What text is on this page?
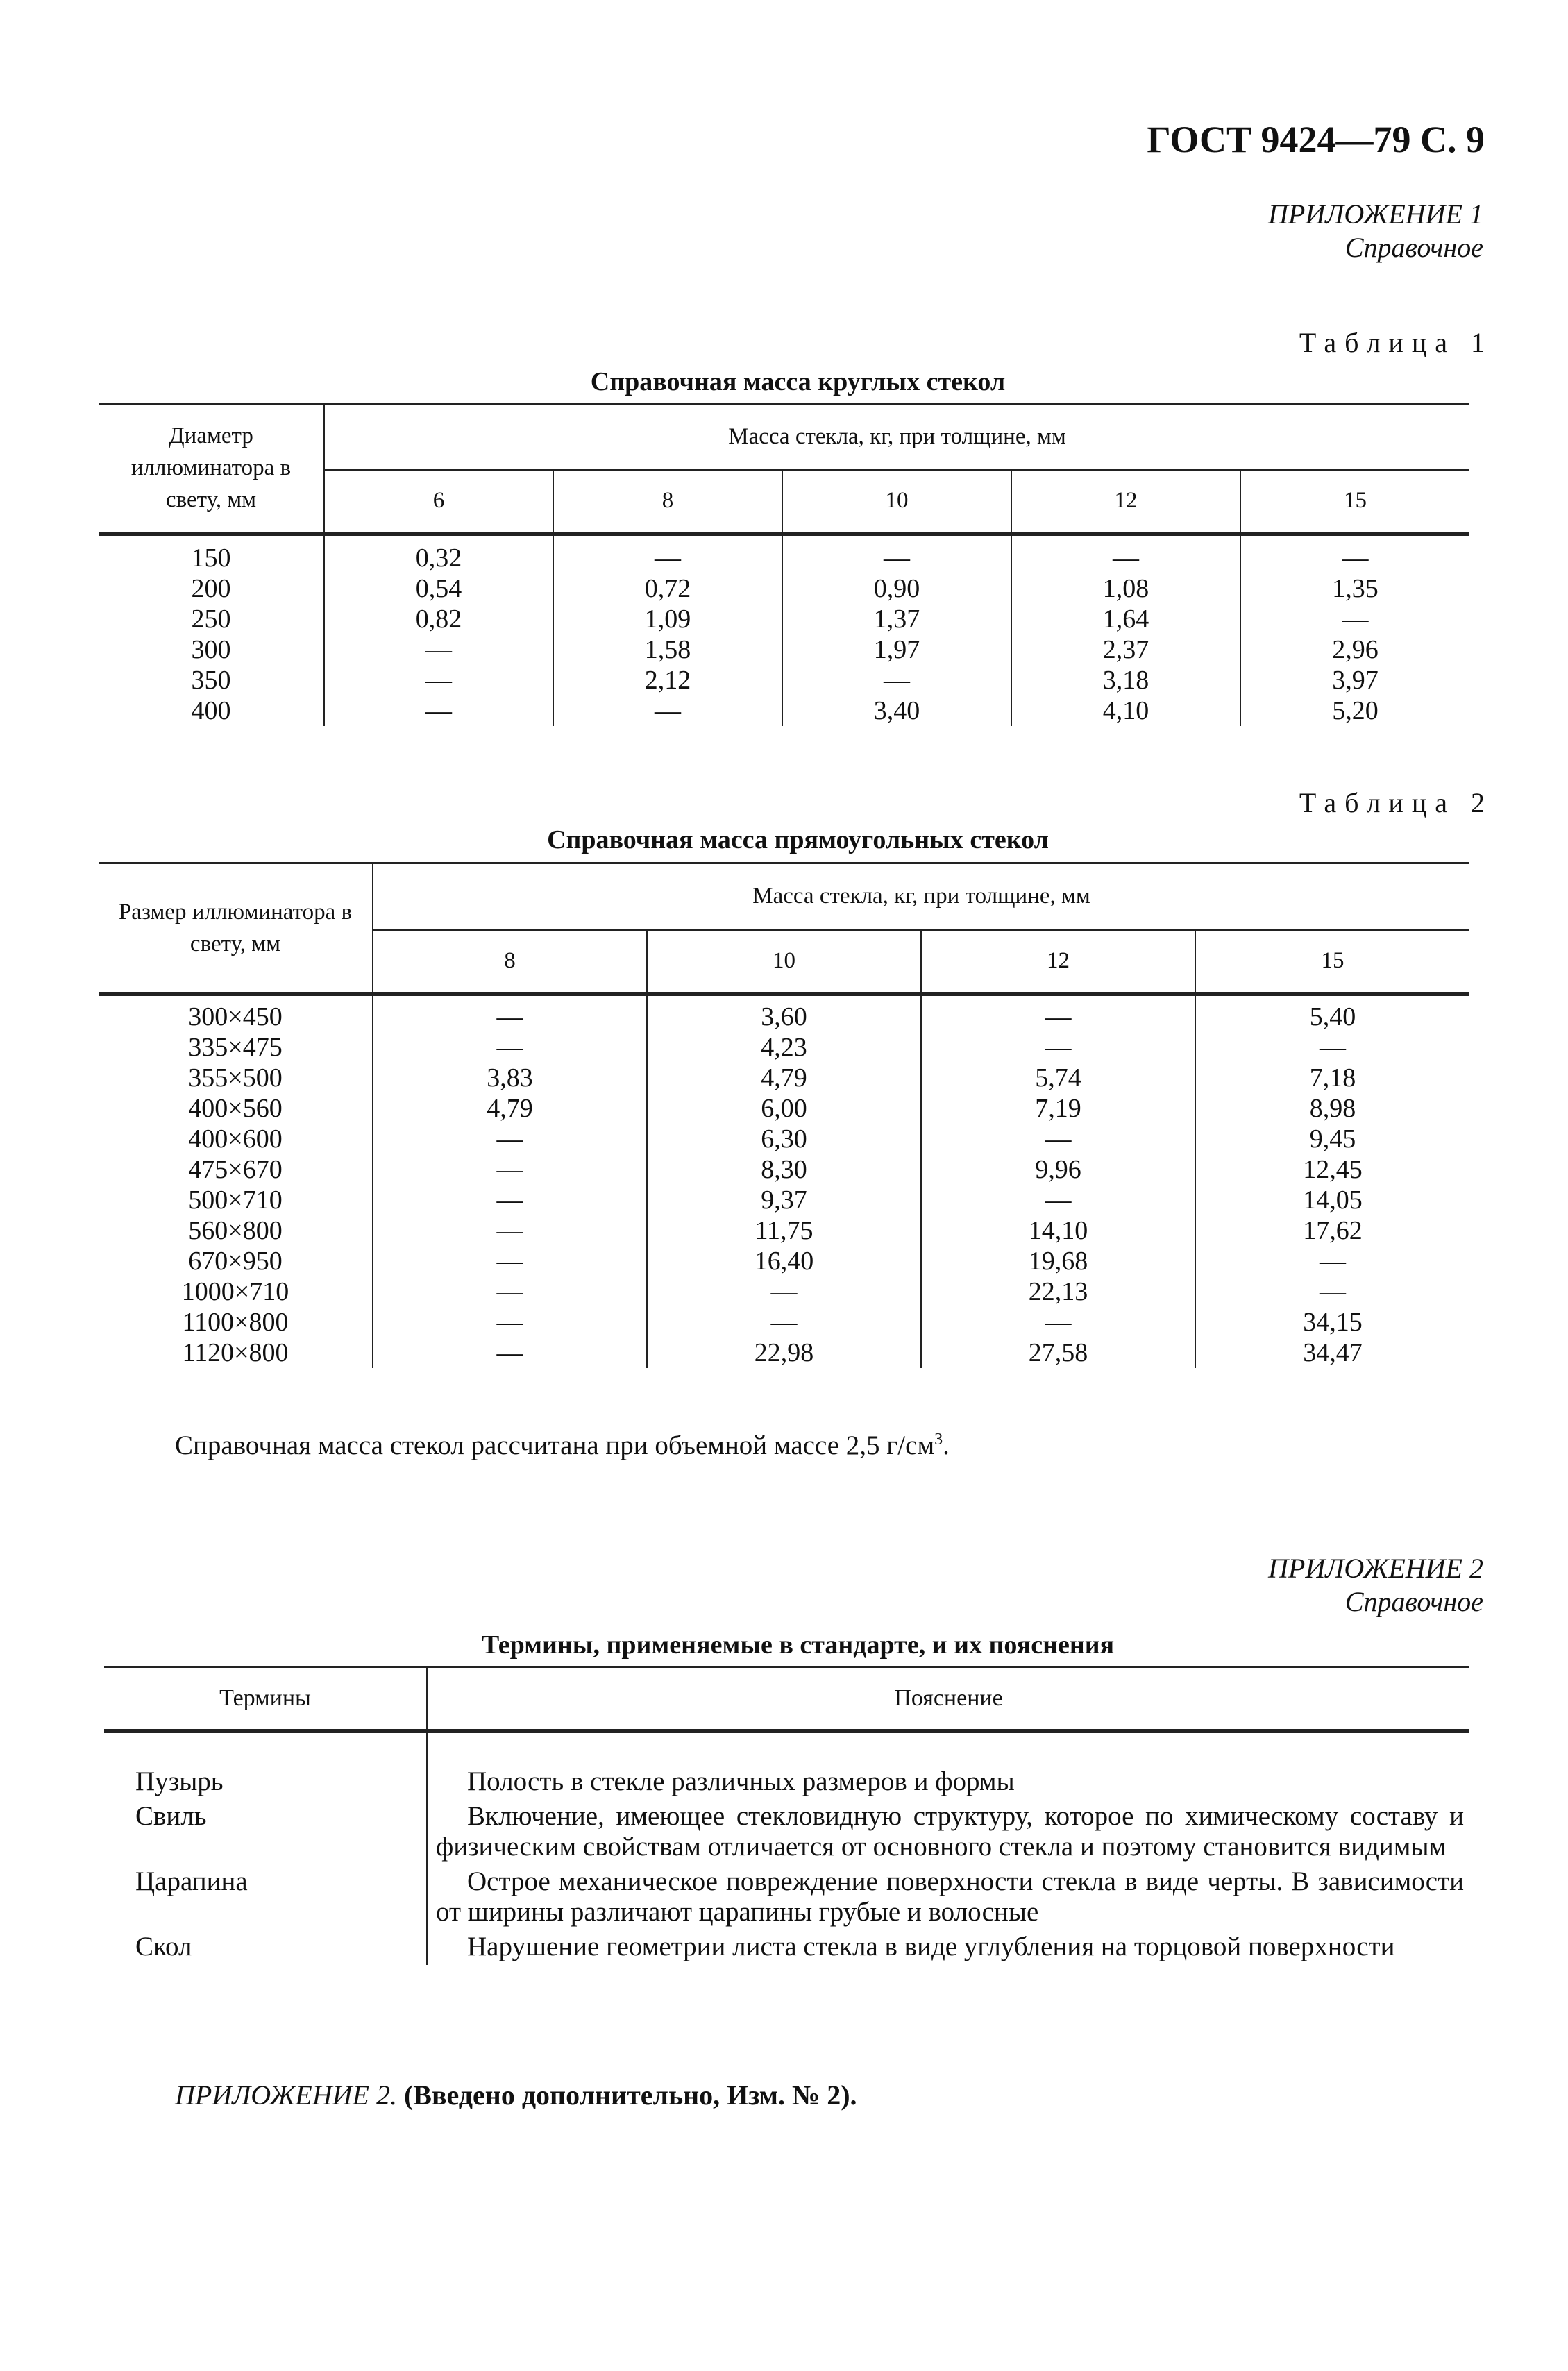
ГОСТ 9424—79 С. 9
ПРИЛОЖЕНИЕ 1
Справочное
Таблица 1
Справочная масса круглых стекол
Диаметр иллюминатора в свету, мм	Масса стекла, кг, при толщине, мм				
	6	8	10	12	15
150	0,32	—	—	—	—
200	0,54	0,72	0,90	1,08	1,35
250	0,82	1,09	1,37	1,64	—
300	—	1,58	1,97	2,37	2,96
350	—	2,12	—	3,18	3,97
400	—	—	3,40	4,10	5,20
Таблица 2
Справочная масса прямоугольных стекол
Размер иллюминатора в свету, мм	Масса стекла, кг, при толщине, мм			
	8	10	12	15
300×450	—	3,60	—	5,40
335×475	—	4,23	—	—
355×500	3,83	4,79	5,74	7,18
400×560	4,79	6,00	7,19	8,98
400×600	—	6,30	—	9,45
475×670	—	8,30	9,96	12,45
500×710	—	9,37	—	14,05
560×800	—	11,75	14,10	17,62
670×950	—	16,40	19,68	—
1000×710	—	—	22,13	—
1100×800	—	—	—	34,15
1120×800	—	22,98	27,58	34,47
Справочная масса стекол рассчитана при объемной массе 2,5 $г/см^3$.
ПРИЛОЖЕНИЕ 2
Справочное
Термины, применяемые в стандарте, и их пояснения
Термины	Пояснение
Пузырь	Полость в стекле различных размеров и формы
Свиль	Включение, имеющее стекловидную структуру, которое по химическому составу и физическим свойствам отличается от основного стекла и поэтому становится видимым
Царапина	Острое механическое повреждение поверхности стекла в виде черты. В зависимости от ширины различают царапины грубые и волосные
Скол	Нарушение геометрии листа стекла в виде углубления на торцовой поверхности
ПРИЛОЖЕНИЕ 2. (Введено дополнительно, Изм. № 2).
